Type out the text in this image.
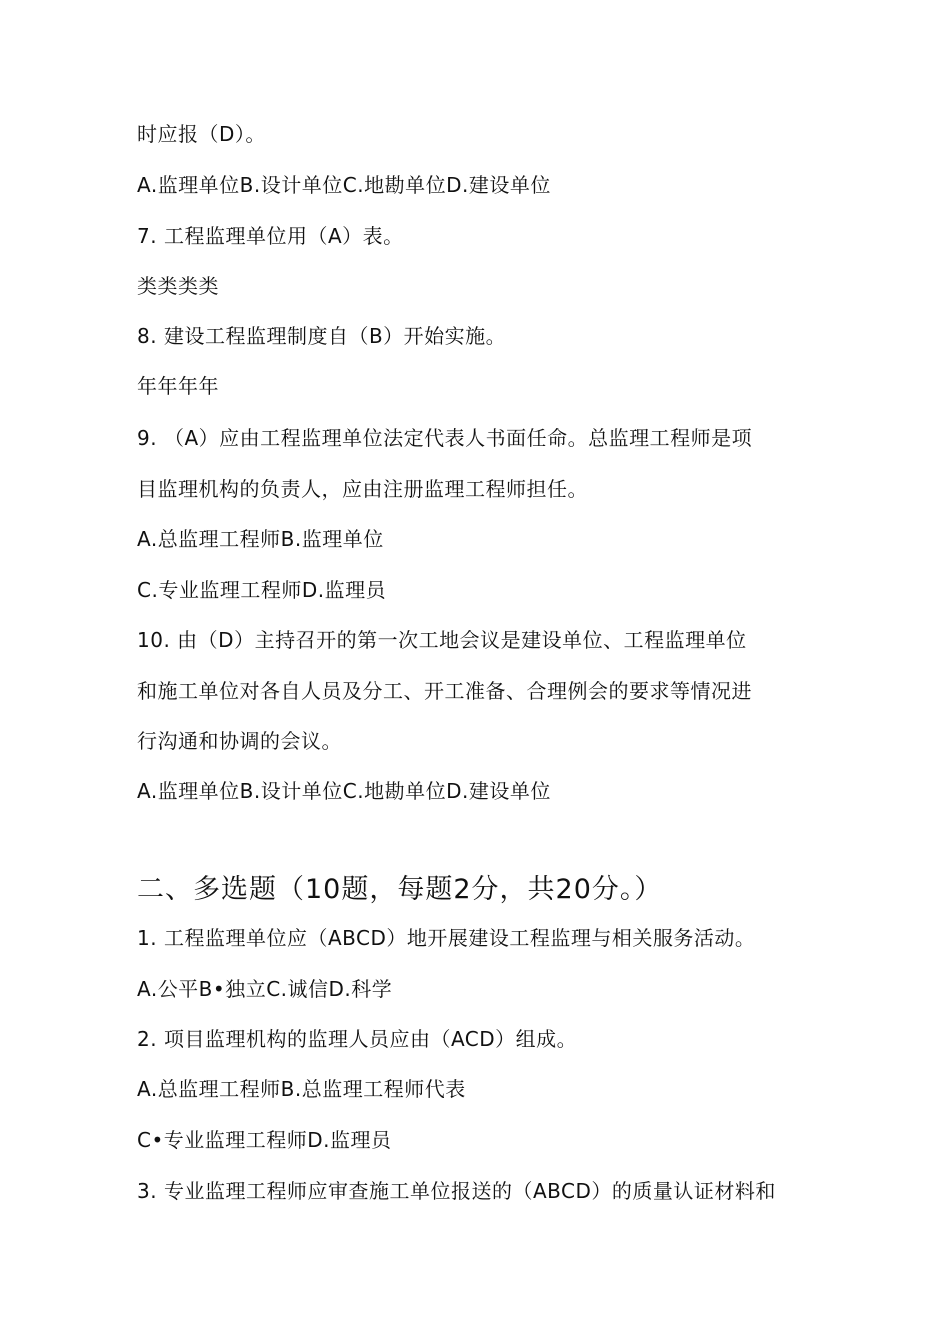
时应报（D）。
A.监理单位B.设计单位C.地勘单位D.建设单位
7. 工程监理单位用（A）表。
类类类类
8. 建设工程监理制度自（B）开始实施。
年年年年
9. （A）应由工程监理单位法定代表人书面任命。总监理工程师是项
目监理机构的负责人，应由注册监理工程师担任。
A.总监理工程师B.监理单位
C.专业监理工程师D.监理员
10. 由（D）主持召开的第一次工地会议是建设单位、工程监理单位
和施工单位对各自人员及分工、开工准备、合理例会的要求等情况进
行沟通和协调的会议。
A.监理单位B.设计单位C.地勘单位D.建设单位
二、多选题（10题，每题2分，共20分。）
1. 工程监理单位应（ABCD）地开展建设工程监理与相关服务活动。
A.公平B•独立C.诚信D.科学
2. 项目监理机构的监理人员应由（ACD）组成。
A.总监理工程师B.总监理工程师代表
C•专业监理工程师D.监理员
3. 专业监理工程师应审查施工单位报送的（ABCD）的质量认证材料和
